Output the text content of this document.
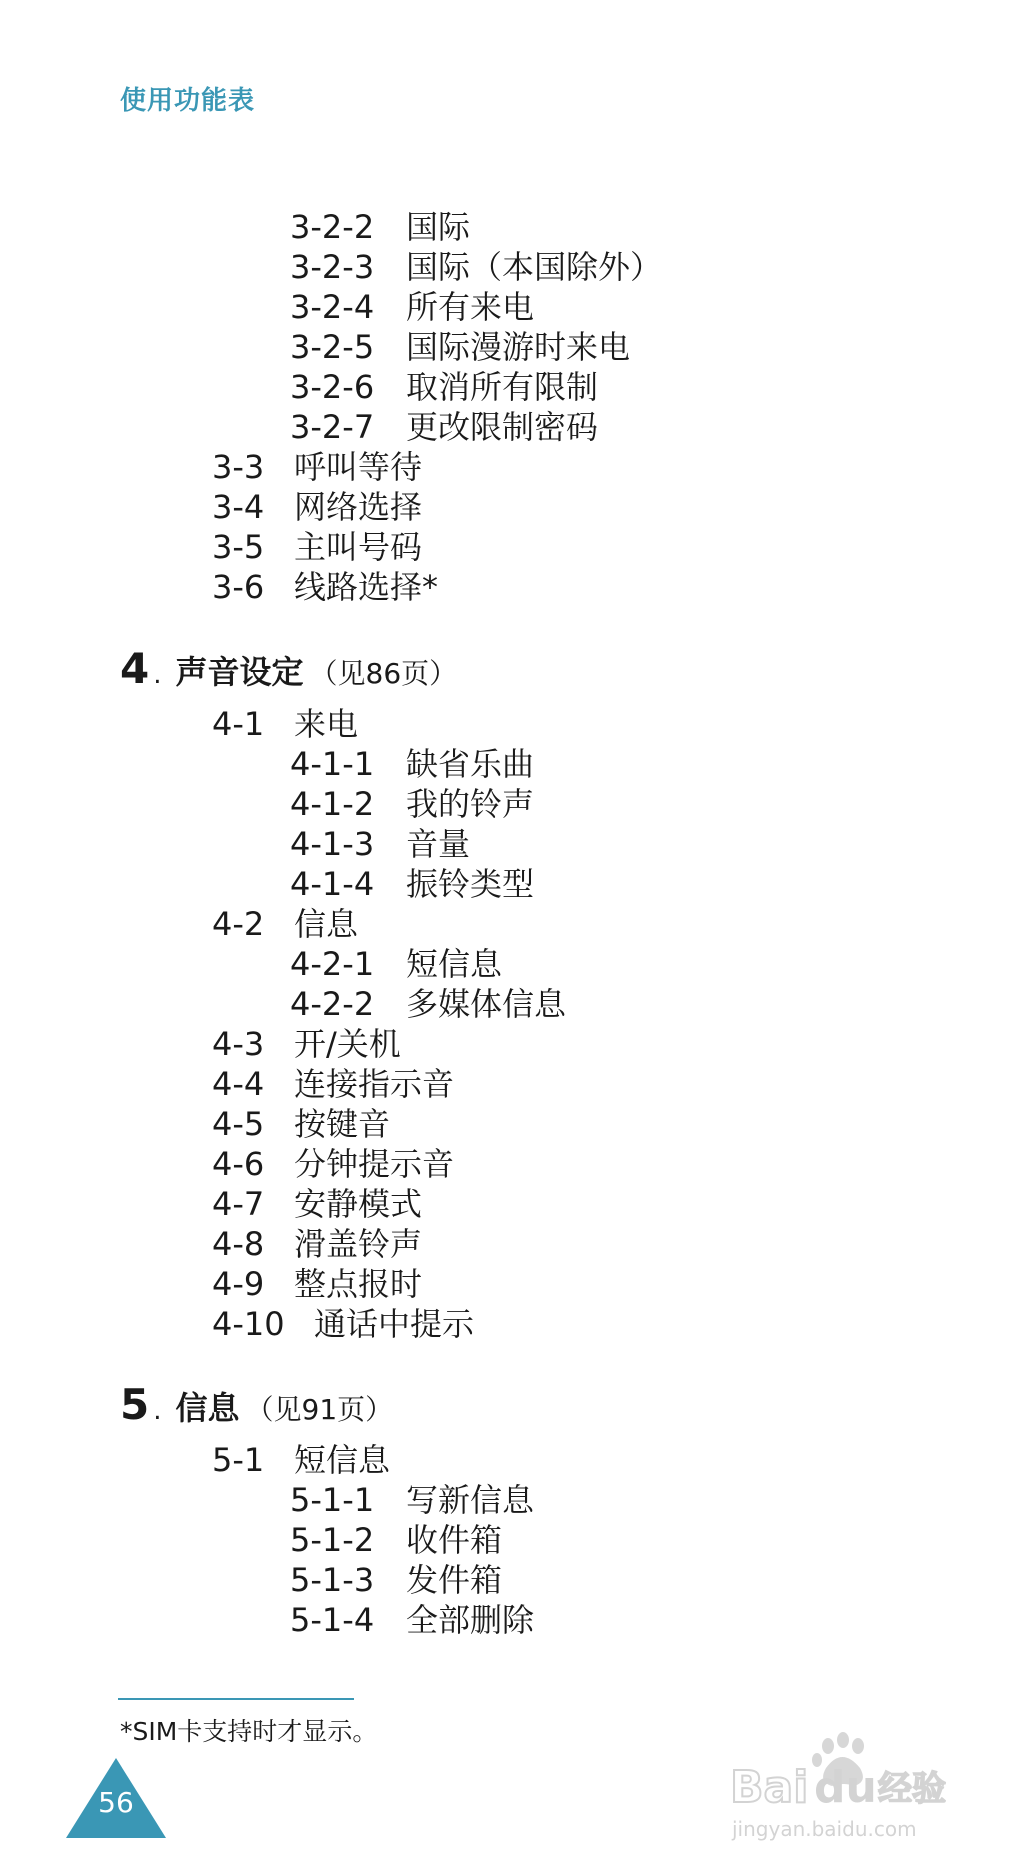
使用功能表
3-2-2 国际
3-2-3 国际（本国除外）
3-2-4 所有来电
3-2-5 国际漫游时来电
3-2-6 取消所有限制
3-2-7 更改限制密码
3-3 呼叫等待
3-4 网络选择
3-5 主叫号码
3-6 线路选择*
4 . 声音设定 （见86页）
4-1 来电
4-1-1 缺省乐曲
4-1-2 我的铃声
4-1-3 音量
4-1-4 振铃类型
4-2 信息
4-2-1 短信息
4-2-2 多媒体信息
4-3 开/关机
4-4 连接指示音
4-5 按键音
4-6 分钟提示音
4-7 安静模式
4-8 滑盖铃声
4-9 整点报时
4-10 通话中提示
5 . 信息 （见91页）
5-1 短信息
5-1-1 写新信息
5-1-2 收件箱
5-1-3 发件箱
5-1-4 全部删除
*SIM卡支持时才显示。
56	Bai du 经验
jingyan.baidu.com
